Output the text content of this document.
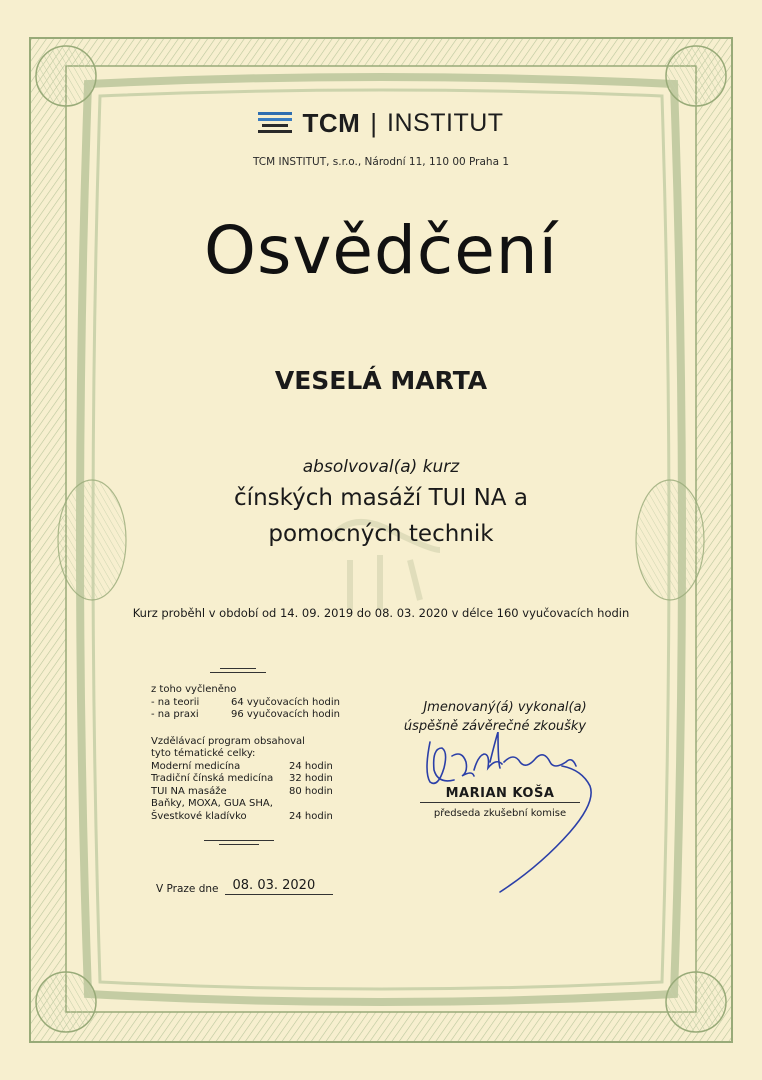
TCM | INSTITUT
TCM INSTITUT, s.r.o., Národní 11, 110 00 Praha 1
Osvědčení
VESELÁ MARTA
absolvoval(a) kurz
čínských masáží TUI NA a
pomocných technik
Kurz proběhl v období od 14. 09. 2019 do 08. 03. 2020 v délce 160 vyučovacích hodin
z toho vyčleněno
- na teorii	64 vyučovacích hodin
- na praxi	96 vyučovacích hodin
Vzdělávací program obsahoval
tyto tématické celky:
Moderní medicína	24 hodin
Tradiční čínská medicína	32 hodin
TUI NA masáže	80 hodin
Baňky, MOXA, GUA SHA,
Švestkové kladívko	24 hodin
V Praze dne	08. 03. 2020
Jmenovaný(á) vykonal(a)
úspěšně závěrečné zkoušky
MARIAN KOŠA
předseda zkušební komise
